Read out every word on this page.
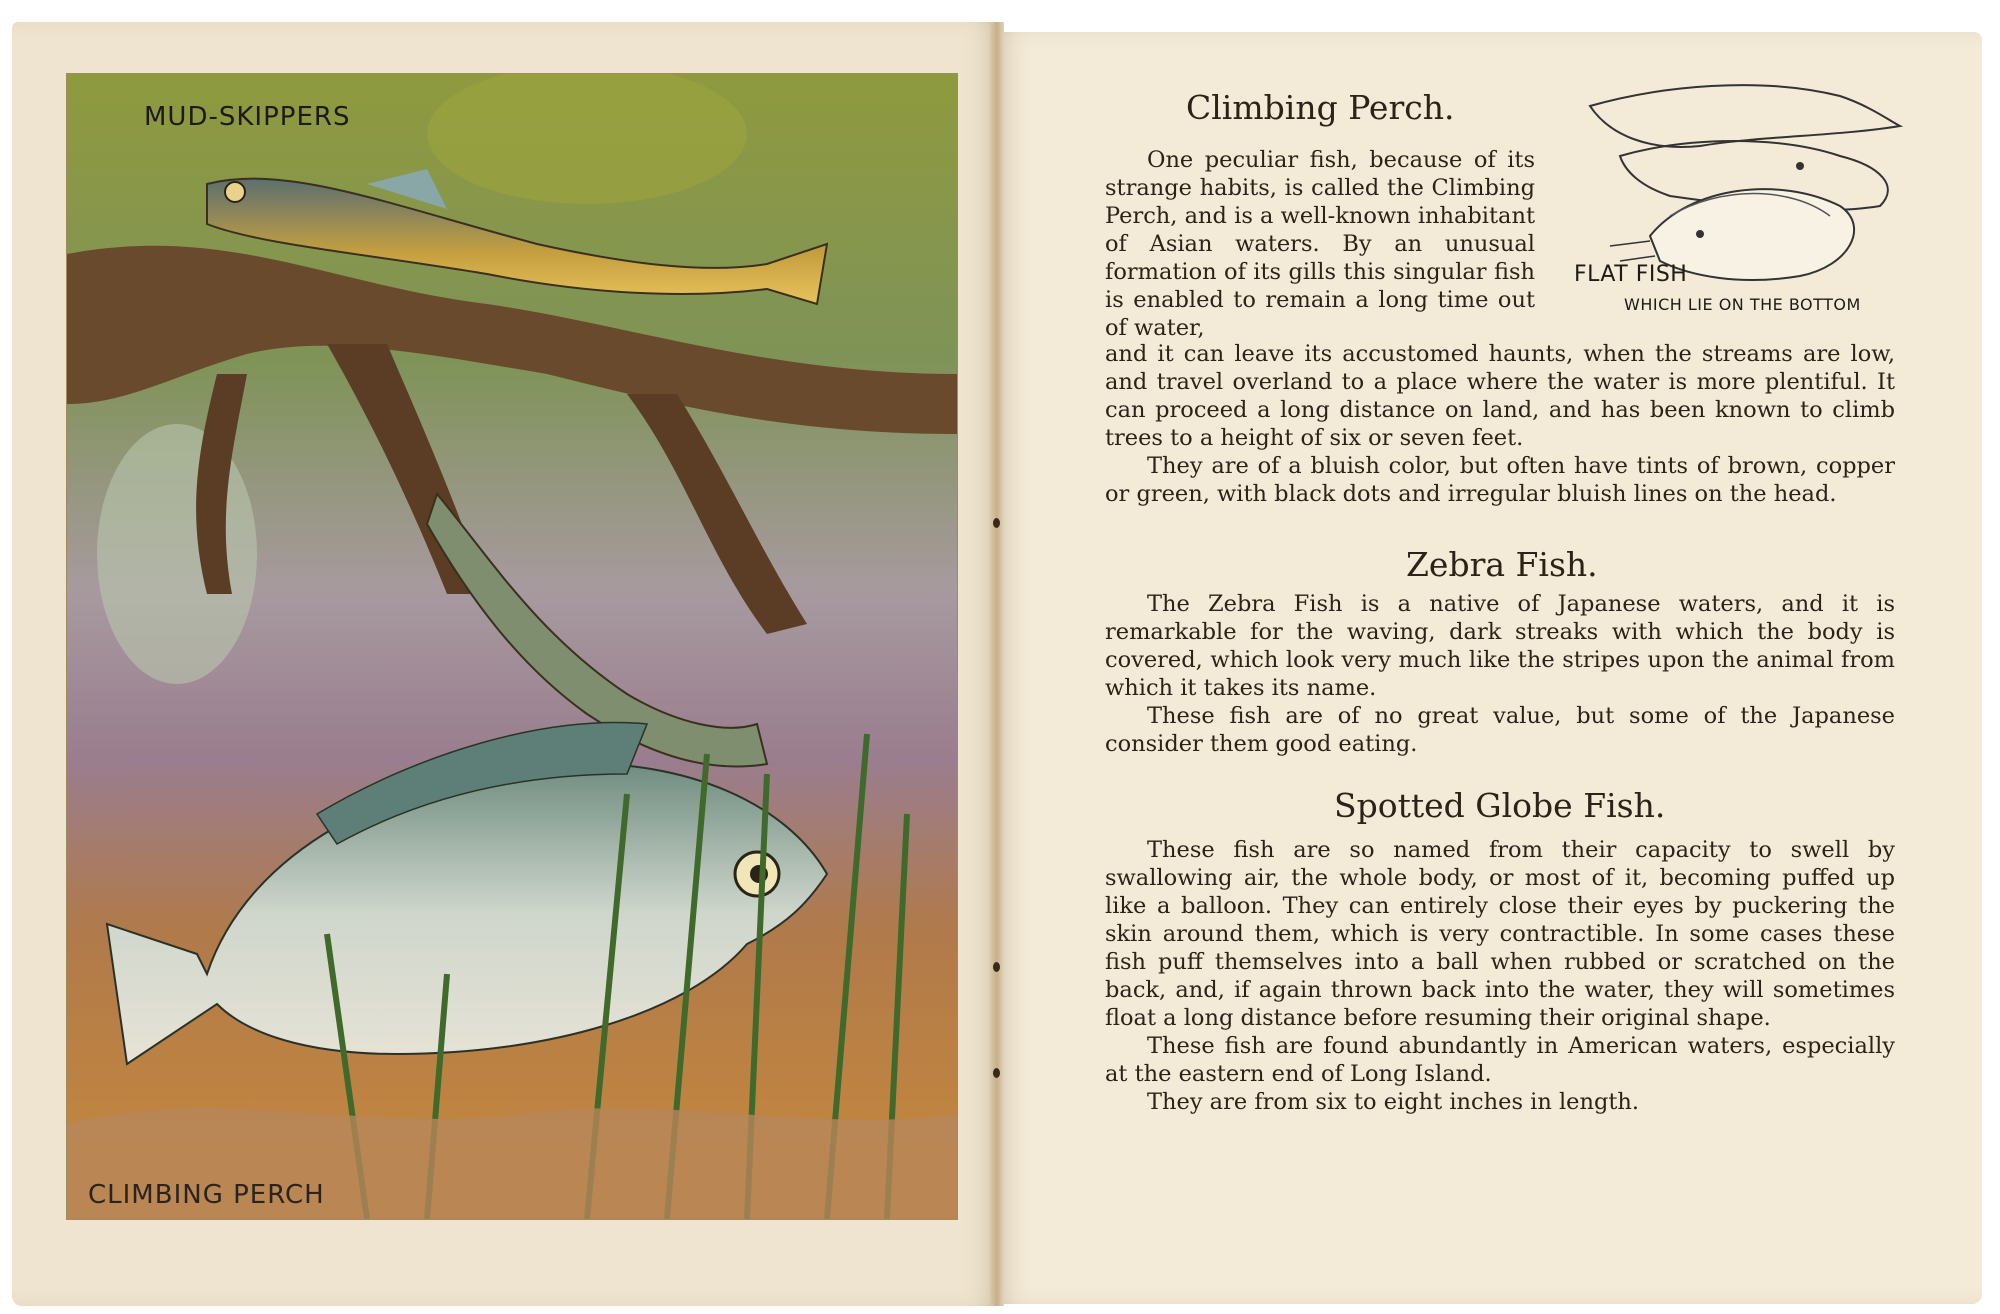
MUD-SKIPPERS
CLIMBING PERCH
FLAT FISH
WHICH LIE ON THE BOTTOM
Climbing Perch.

One peculiar fish, because of its strange habits, is called the Climbing Perch, and is a well-known inhabitant of Asian waters. By an unusual formation of its gills this singular fish is enabled to remain a long time out of water,

and it can leave its accustomed haunts, when the streams are low, and travel overland to a place where the water is more plentiful. It can proceed a long distance on land, and has been known to climb trees to a height of six or seven feet.

They are of a bluish color, but often have tints of brown, copper or green, with black dots and irregular bluish lines on the head.

Zebra Fish.

The Zebra Fish is a native of Japanese waters, and it is remarkable for the waving, dark streaks with which the body is covered, which look very much like the stripes upon the animal from which it takes its name.

These fish are of no great value, but some of the Japanese consider them good eating.

Spotted Globe Fish.

These fish are so named from their capacity to swell by swallowing air, the whole body, or most of it, becoming puffed up like a balloon. They can entirely close their eyes by puckering the skin around them, which is very contractible. In some cases these fish puff themselves into a ball when rubbed or scratched on the back, and, if again thrown back into the water, they will sometimes float a long distance before resuming their original shape.

These fish are found abundantly in American waters, especially at the eastern end of Long Island.

They are from six to eight inches in length.
